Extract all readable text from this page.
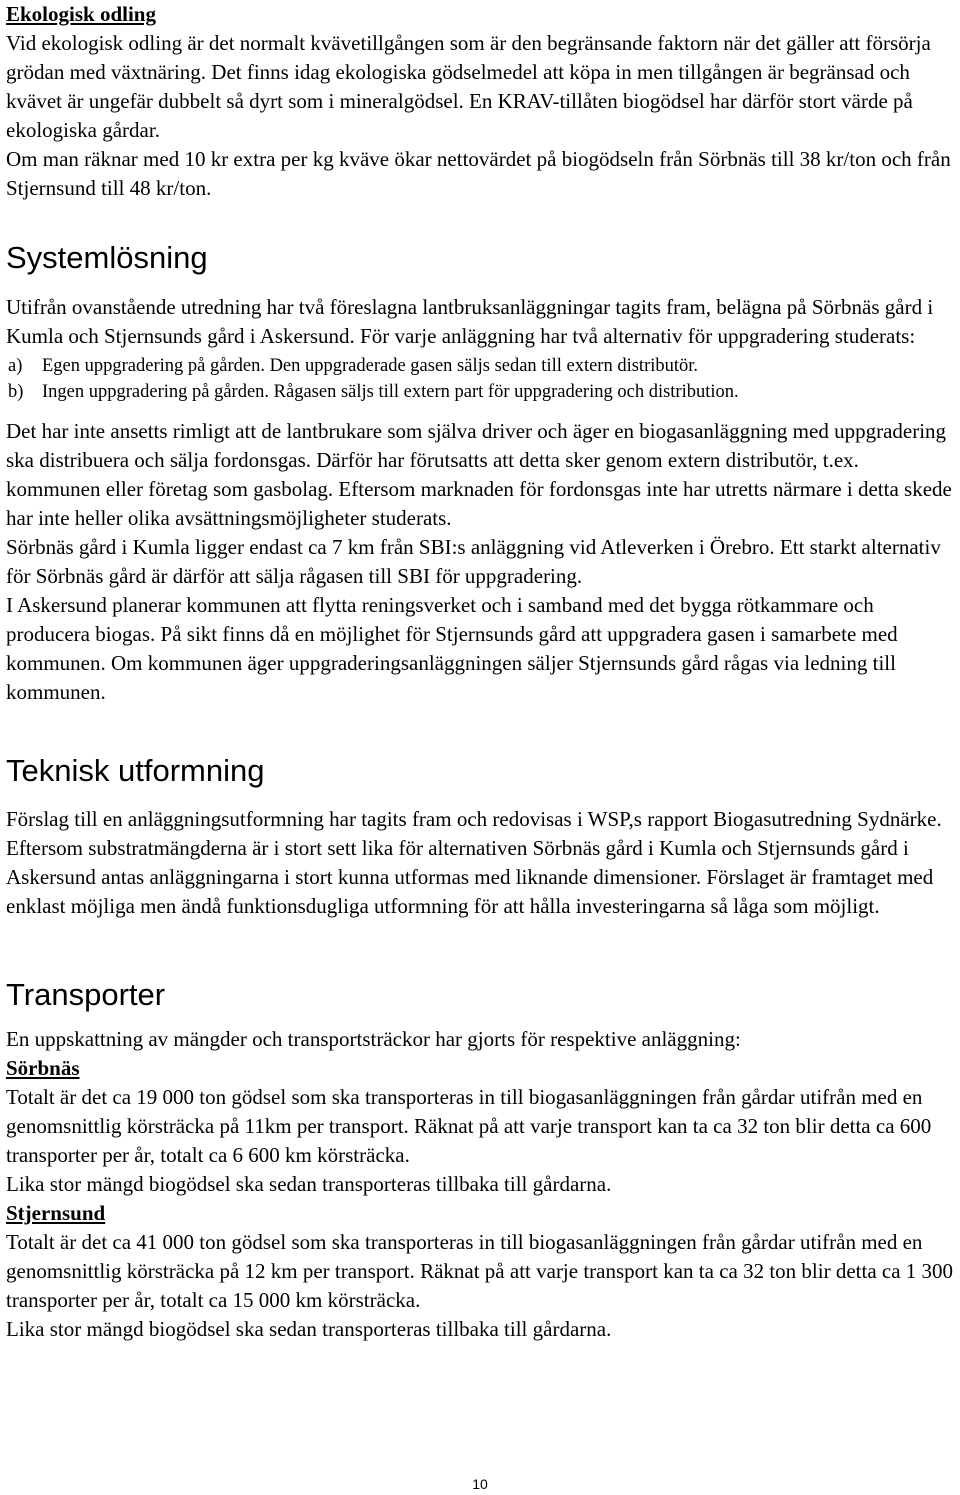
Ekologisk odling

Vid ekologisk odling är det normalt kvävetillgången som är den begränsande faktorn när det gäller att försörja grödan med växtnäring. Det finns idag ekologiska gödselmedel att köpa in men tillgången är begränsad och kvävet är ungefär dubbelt så dyrt som i mineralgödsel. En KRAV-tillåten biogödsel har därför stort värde på ekologiska gårdar.

Om man räknar med 10 kr extra per kg kväve ökar nettovärdet på biogödseln från Sörbnäs till 38 kr/ton och från Stjernsund till 48 kr/ton.

Systemlösning

Utifrån ovanstående utredning har två föreslagna lantbruksanläggningar tagits fram, belägna på Sörbnäs gård i Kumla och Stjernsunds gård i Askersund. För varje anläggning har två alternativ för uppgradering studerats:

a)	Egen uppgradering på gården. Den uppgraderade gasen säljs sedan till extern distributör.
b)	Ingen uppgradering på gården. Rågasen säljs till extern part för uppgradering och distribution.

Det har inte ansetts rimligt att de lantbrukare som själva driver och äger en biogasanläggning med uppgradering ska distribuera och sälja fordonsgas. Därför har förutsatts att detta sker genom extern distributör, t.ex. kommunen eller företag som gasbolag. Eftersom marknaden för fordonsgas inte har utretts närmare i detta skede har inte heller olika avsättningsmöjligheter studerats.

Sörbnäs gård i Kumla ligger endast ca 7 km från SBI:s anläggning vid Atleverken i Örebro. Ett starkt alternativ för Sörbnäs gård är därför att sälja rågasen till SBI för uppgradering.

I Askersund planerar kommunen att flytta reningsverket och i samband med det bygga rötkammare och producera biogas. På sikt finns då en möjlighet för Stjernsunds gård att uppgradera gasen i samarbete med kommunen. Om kommunen äger uppgraderingsanläggningen säljer Stjernsunds gård rågas via ledning till kommunen.

Teknisk utformning

Förslag till en anläggningsutformning har tagits fram och redovisas i WSP,s rapport Biogasutredning Sydnärke. Eftersom substratmängderna är i stort sett lika för alternativen Sörbnäs gård i Kumla och Stjernsunds gård i Askersund antas anläggningarna i stort kunna utformas med liknande dimensioner. Förslaget är framtaget med enklast möjliga men ändå funktionsdugliga utformning för att hålla investeringarna så låga som möjligt.

Transporter

En uppskattning av mängder och transportsträckor har gjorts för respektive anläggning:

Sörbnäs

Totalt är det ca 19 000 ton gödsel som ska transporteras in till biogasanläggningen från gårdar utifrån med en genomsnittlig körsträcka på 11km per transport. Räknat på att varje transport kan ta ca 32 ton blir detta ca 600 transporter per år, totalt ca 6 600 km körsträcka.

Lika stor mängd biogödsel ska sedan transporteras tillbaka till gårdarna.

Stjernsund

Totalt är det ca 41 000 ton gödsel som ska transporteras in till biogasanläggningen från gårdar utifrån med en genomsnittlig körsträcka på 12 km per transport. Räknat på att varje transport kan ta ca 32 ton blir detta ca 1 300 transporter per år, totalt ca 15 000 km körsträcka.

Lika stor mängd biogödsel ska sedan transporteras tillbaka till gårdarna.

10
